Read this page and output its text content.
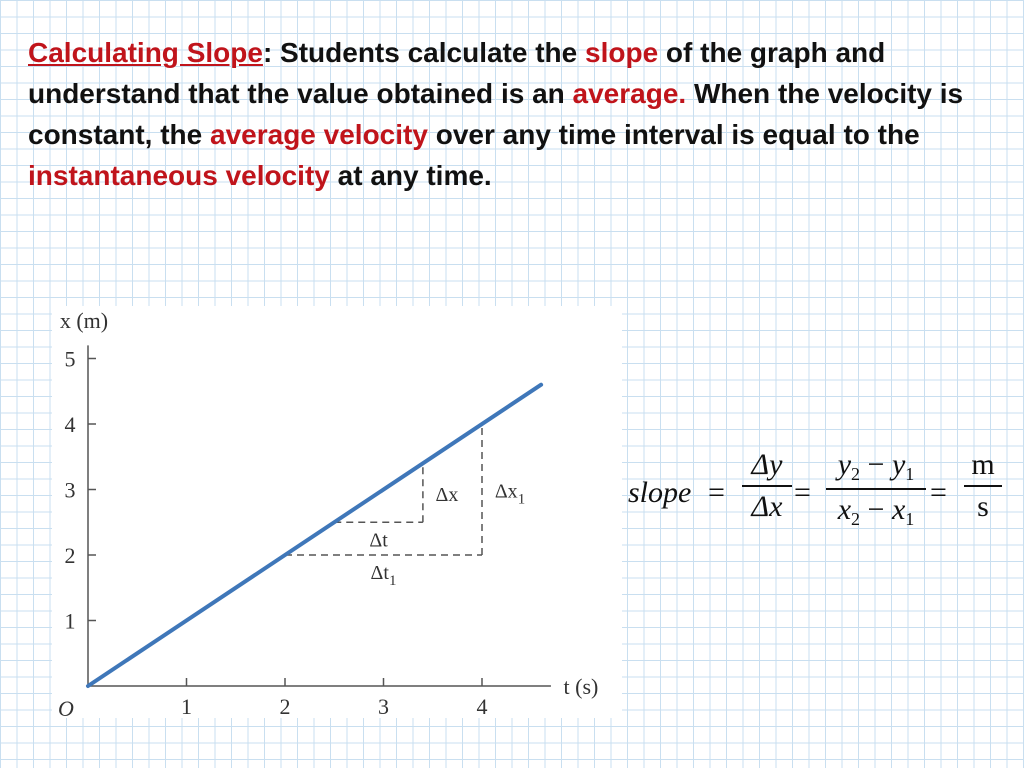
Calculating Slope: Students calculate the slope of the graph and understand that the value obtained is an average. When the velocity is constant, the average velocity over any time interval is equal to the instantaneous velocity at any time.

1	2	3	4
1
2
3
4
5
x (m)
t (s)
O
Δx
Δt
$\Delta x_1$
$\Delta t_1$
slope =
Δy
Δx =
$y_2 - y_1$
$x_2 - x_1$
=
m
s
